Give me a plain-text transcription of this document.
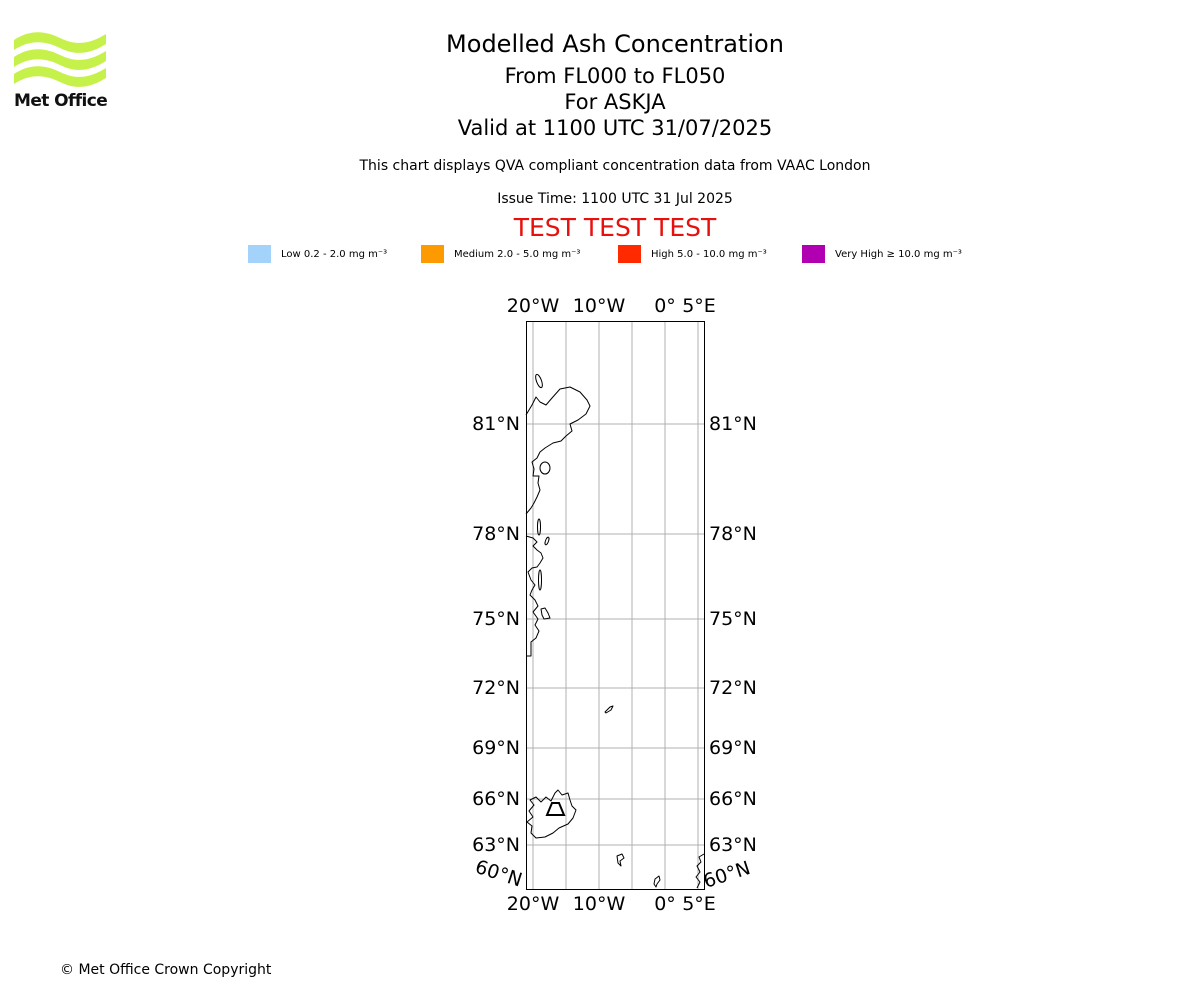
Met Office
Modelled Ash Concentration
From FL000 to FL050
For ASKJA
Valid at 1100 UTC 31/07/2025
This chart displays QVA compliant concentration data from VAAC London
Issue Time: 1100 UTC 31 Jul 2025
TEST TEST TEST
Low 0.2 - 2.0 mg m⁻³	Medium 2.0 - 5.0 mg m⁻³	High 5.0 - 10.0 mg m⁻³	Very High ≥ 10.0 mg m⁻³
20°W 10°W 0° 5°E
20°W 10°W 0° 5°E
81°N
78°N
75°N
72°N
69°N
66°N
63°N
81°N
78°N
75°N
72°N
69°N
66°N
63°N
60°N	60°N
© Met Office Crown Copyright
